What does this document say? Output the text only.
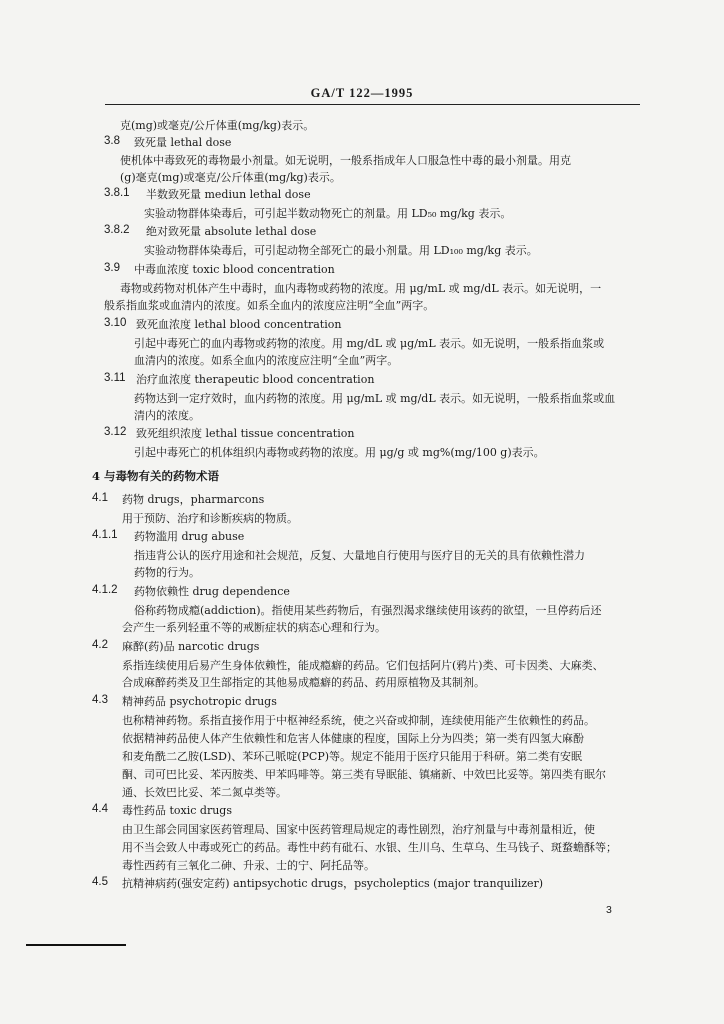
GA/T 122—1995
克(mg)或毫克/公斤体重(mg/kg)表示。
3.8 致死量 lethal dose
使机体中毒致死的毒物最小剂量。如无说明，一般系指成年人口服急性中毒的最小剂量。用克
(g)毫克(mg)或毫克/公斤体重(mg/kg)表示。
3.8.1 半数致死量 mediun lethal dose
实验动物群体染毒后，可引起半数动物死亡的剂量。用 LD₅₀ mg/kg 表示。
3.8.2 绝对致死量 absolute lethal dose
实验动物群体染毒后，可引起动物全部死亡的最小剂量。用 LD₁₀₀ mg/kg 表示。
3.9 中毒血浓度 toxic blood concentration
毒物或药物对机体产生中毒时，血内毒物或药物的浓度。用 μg/mL 或 mg/dL 表示。如无说明，一
般系指血浆或血清内的浓度。如系全血内的浓度应注明“全血”两字。
3.10 致死血浓度 lethal blood concentration
引起中毒死亡的血内毒物或药物的浓度。用 mg/dL 或 μg/mL 表示。如无说明，一般系指血浆或
血清内的浓度。如系全血内的浓度应注明“全血”两字。
3.11 治疗血浓度 therapeutic blood concentration
药物达到一定疗效时，血内药物的浓度。用 μg/mL 或 mg/dL 表示。如无说明，一般系指血浆或血
清内的浓度。
3.12 致死组织浓度 lethal tissue concentration
引起中毒死亡的机体组织内毒物或药物的浓度。用 μg/g 或 mg%(mg/100 g)表示。
4 与毒物有关的药物术语
4.1 药物 drugs，pharmarcons
用于预防、治疗和诊断疾病的物质。
4.1.1 药物滥用 drug abuse
指违背公认的医疗用途和社会规范，反复、大量地自行使用与医疗目的无关的具有依赖性潜力
药物的行为。
4.1.2 药物依赖性 drug dependence
俗称药物成瘾(addiction)。指使用某些药物后，有强烈渴求继续使用该药的欲望，一旦停药后还
会产生一系列轻重不等的戒断症状的病态心理和行为。
4.2 麻醉(药)品 narcotic drugs
系指连续使用后易产生身体依赖性，能成瘾癖的药品。它们包括阿片(鸦片)类、可卡因类、大麻类、
合成麻醉药类及卫生部指定的其他易成瘾癖的药品、药用原植物及其制剂。
4.3 精神药品 psychotropic drugs
也称精神药物。系指直接作用于中枢神经系统，使之兴奋或抑制，连续使用能产生依赖性的药品。
依据精神药品使人体产生依赖性和危害人体健康的程度，国际上分为四类；第一类有四氢大麻酚
和麦角酰二乙胺(LSD)、苯环己哌啶(PCP)等。规定不能用于医疗只能用于科研。第二类有安眠
酮、司可巴比妥、苯丙胺类、甲苯吗啡等。第三类有导眠能、镇痛新、中效巴比妥等。第四类有眠尔
通、长效巴比妥、苯二氮卓类等。
4.4 毒性药品 toxic drugs
由卫生部会同国家医药管理局、国家中医药管理局规定的毒性剧烈，治疗剂量与中毒剂量相近，使
用不当会致人中毒或死亡的药品。毒性中药有砒石、水银、生川乌、生草乌、生马钱子、斑蝥蟾酥等；
毒性西药有三氧化二砷、升汞、士的宁、阿托品等。
4.5 抗精神病药(强安定药) antipsychotic drugs，psycholeptics (major tranquilizer)
3
